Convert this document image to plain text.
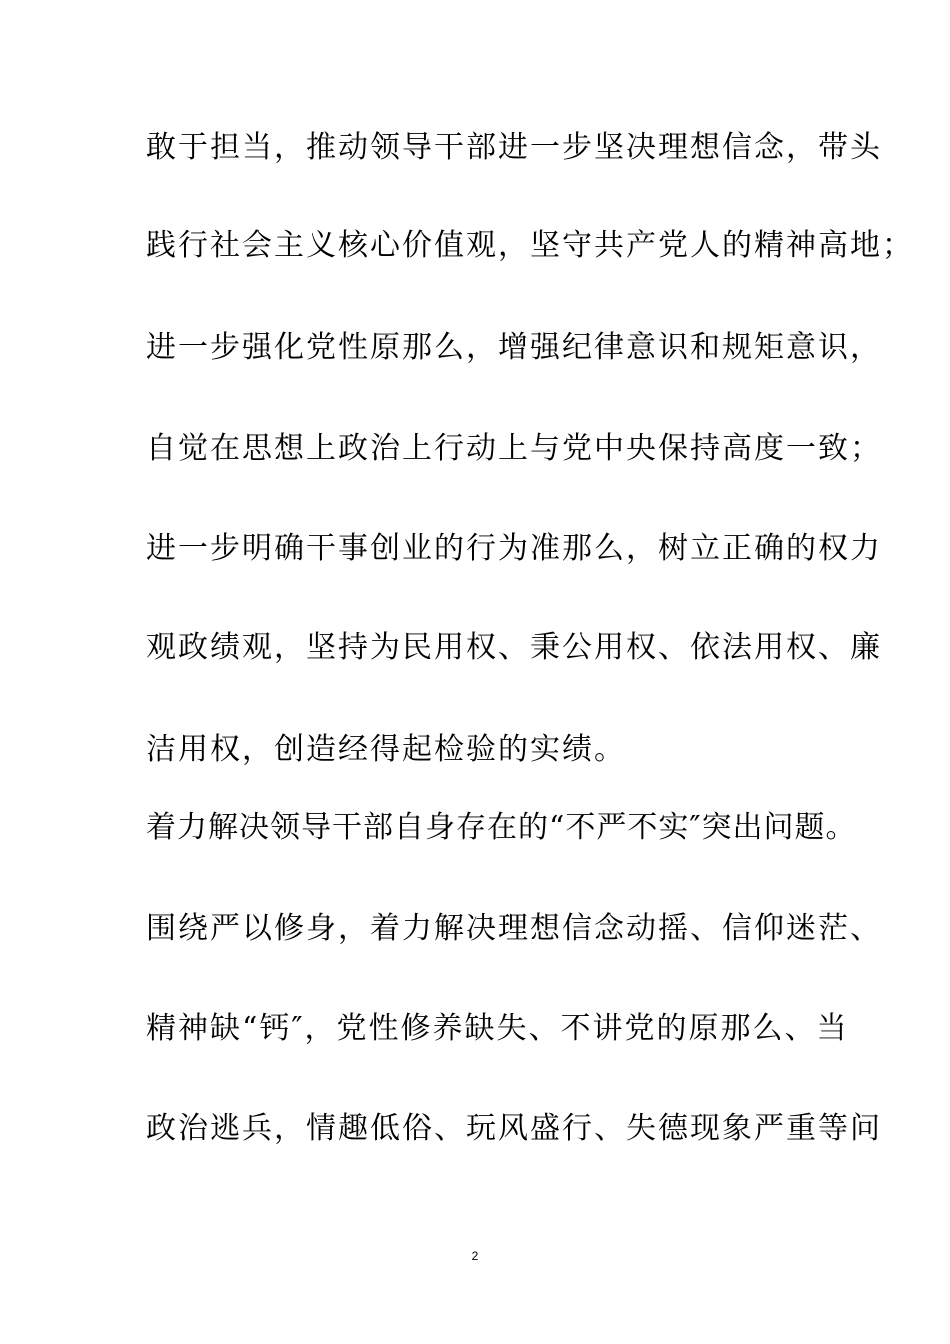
敢于担当，推动领导干部进一步坚决理想信念，带头
践行社会主义核心价值观，坚守共产党人的精神高地；
进一步强化党性原那么，增强纪律意识和规矩意识，
自觉在思想上政治上行动上与党中央保持高度一致；
进一步明确干事创业的行为准那么，树立正确的权力
观政绩观，坚持为民用权、秉公用权、依法用权、廉
洁用权，创造经得起检验的实绩。
着力解决领导干部自身存在的“不严不实″突出问题。
围绕严以修身，着力解决理想信念动摇、信仰迷茫、
精神缺“钙″，党性修养缺失、不讲党的原那么、当
政治逃兵，情趣低俗、玩风盛行、失德现象严重等问
2
